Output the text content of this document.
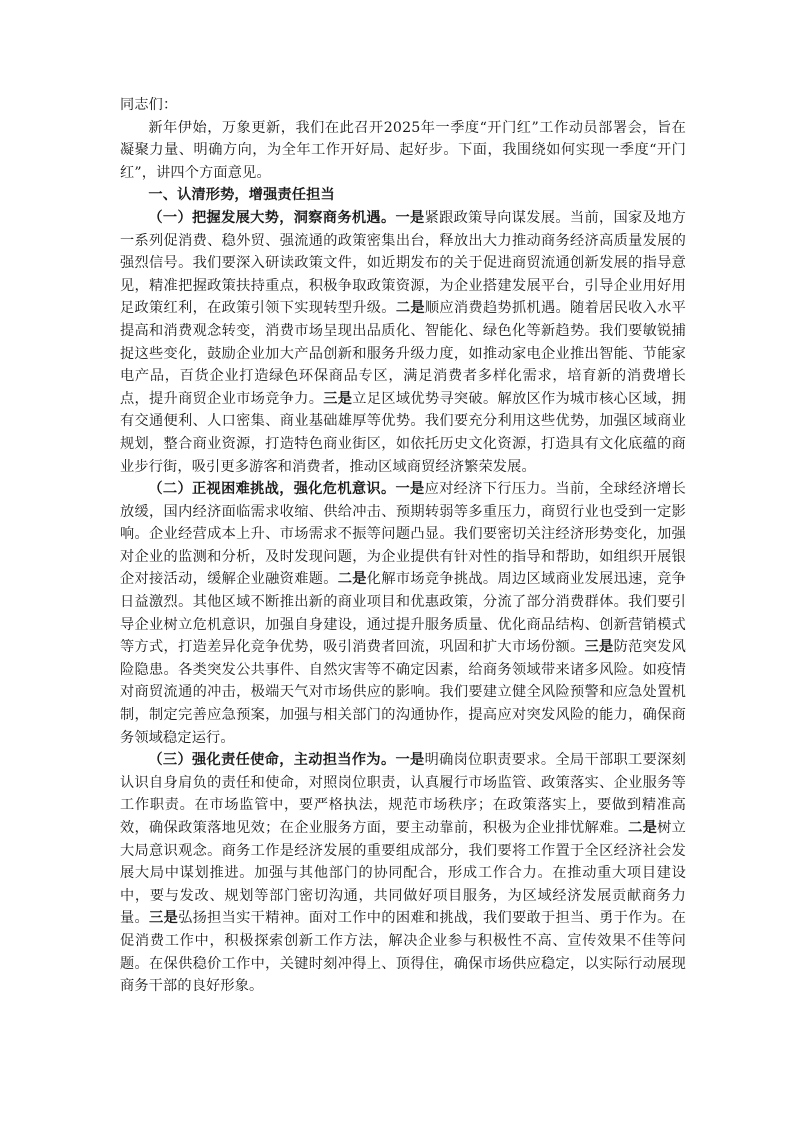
同志们：

新年伊始，万象更新，我们在此召开2025年一季度“开门红”工作动员部署会，旨在凝聚力量、明确方向，为全年工作开好局、起好步。下面，我围绕如何实现一季度“开门红”，讲四个方面意见。

一、认清形势，增强责任担当

（一）把握发展大势，洞察商务机遇。一是紧跟政策导向谋发展。当前，国家及地方一系列促消费、稳外贸、强流通的政策密集出台，释放出大力推动商务经济高质量发展的强烈信号。我们要深入研读政策文件，如近期发布的关于促进商贸流通创新发展的指导意见，精准把握政策扶持重点，积极争取政策资源，为企业搭建发展平台，引导企业用好用足政策红利，在政策引领下实现转型升级。二是顺应消费趋势抓机遇。随着居民收入水平提高和消费观念转变，消费市场呈现出品质化、智能化、绿色化等新趋势。我们要敏锐捕捉这些变化，鼓励企业加大产品创新和服务升级力度，如推动家电企业推出智能、节能家电产品，百货企业打造绿色环保商品专区，满足消费者多样化需求，培育新的消费增长点，提升商贸企业市场竞争力。三是立足区域优势寻突破。解放区作为城市核心区域，拥有交通便利、人口密集、商业基础雄厚等优势。我们要充分利用这些优势，加强区域商业规划，整合商业资源，打造特色商业街区，如依托历史文化资源，打造具有文化底蕴的商业步行街，吸引更多游客和消费者，推动区域商贸经济繁荣发展。

（二）正视困难挑战，强化危机意识。一是应对经济下行压力。当前，全球经济增长放缓，国内经济面临需求收缩、供给冲击、预期转弱等多重压力，商贸行业也受到一定影响。企业经营成本上升、市场需求不振等问题凸显。我们要密切关注经济形势变化，加强对企业的监测和分析，及时发现问题，为企业提供有针对性的指导和帮助，如组织开展银企对接活动，缓解企业融资难题。二是化解市场竞争挑战。周边区域商业发展迅速，竞争日益激烈。其他区域不断推出新的商业项目和优惠政策，分流了部分消费群体。我们要引导企业树立危机意识，加强自身建设，通过提升服务质量、优化商品结构、创新营销模式等方式，打造差异化竞争优势，吸引消费者回流，巩固和扩大市场份额。三是防范突发风险隐患。各类突发公共事件、自然灾害等不确定因素，给商务领域带来诸多风险。如疫情对商贸流通的冲击，极端天气对市场供应的影响。我们要建立健全风险预警和应急处置机制，制定完善应急预案，加强与相关部门的沟通协作，提高应对突发风险的能力，确保商务领域稳定运行。

（三）强化责任使命，主动担当作为。一是明确岗位职责要求。全局干部职工要深刻认识自身肩负的责任和使命，对照岗位职责，认真履行市场监管、政策落实、企业服务等工作职责。在市场监管中，要严格执法，规范市场秩序；在政策落实上，要做到精准高效，确保政策落地见效；在企业服务方面，要主动靠前，积极为企业排忧解难。二是树立大局意识观念。商务工作是经济发展的重要组成部分，我们要将工作置于全区经济社会发展大局中谋划推进。加强与其他部门的协同配合，形成工作合力。在推动重大项目建设中，要与发改、规划等部门密切沟通，共同做好项目服务，为区域经济发展贡献商务力量。三是弘扬担当实干精神。面对工作中的困难和挑战，我们要敢于担当、勇于作为。在促消费工作中，积极探索创新工作方法，解决企业参与积极性不高、宣传效果不佳等问题。在保供稳价工作中，关键时刻冲得上、顶得住，确保市场供应稳定，以实际行动展现商务干部的良好形象。
